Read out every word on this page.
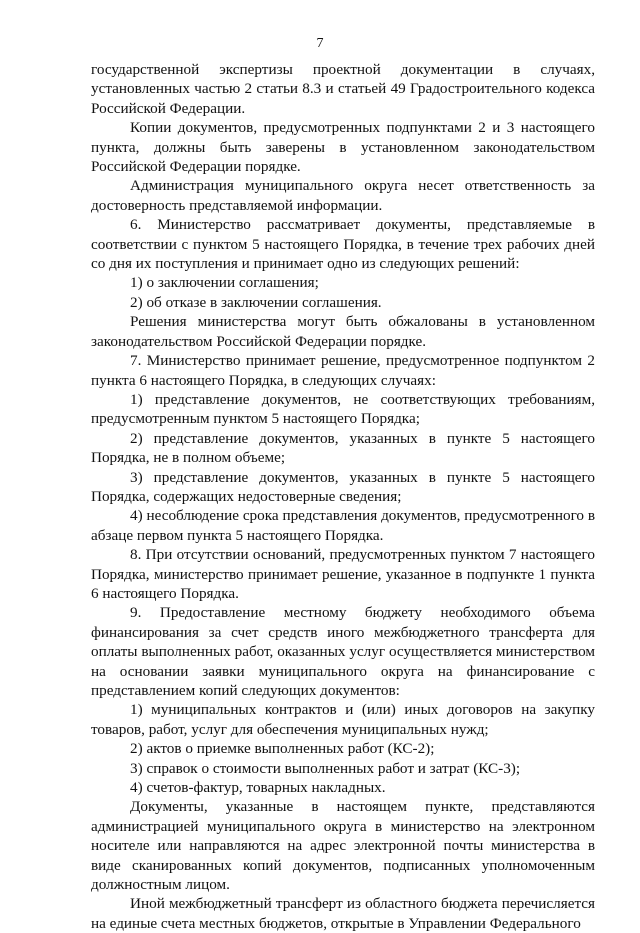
7

государственной экспертизы проектной документации в случаях, установленных частью 2 статьи 8.3 и статьей 49 Градостроительного кодекса Российской Федерации.

Копии документов, предусмотренных подпунктами 2 и 3 настоящего пункта, должны быть заверены в установленном законодательством Российской Федерации порядке.

Администрация муниципального округа несет ответственность за достоверность представляемой информации.

6. Министерство рассматривает документы, представляемые в соответствии с пунктом 5 настоящего Порядка, в течение трех рабочих дней со дня их поступления и принимает одно из следующих решений:

1) о заключении соглашения;

2) об отказе в заключении соглашения.

Решения министерства могут быть обжалованы в установленном законодательством Российской Федерации порядке.

7. Министерство принимает решение, предусмотренное подпунктом 2 пункта 6 настоящего Порядка, в следующих случаях:

1) представление документов, не соответствующих требованиям, предусмотренным пунктом 5 настоящего Порядка;

2) представление документов, указанных в пункте 5 настоящего Порядка, не в полном объеме;

3) представление документов, указанных в пункте 5 настоящего Порядка, содержащих недостоверные сведения;

4) несоблюдение срока представления документов, предусмотренного в абзаце первом пункта 5 настоящего Порядка.

8. При отсутствии оснований, предусмотренных пунктом 7 настоящего Порядка, министерство принимает решение, указанное в подпункте 1 пункта 6 настоящего Порядка.

9. Предоставление местному бюджету необходимого объема финансирования за счет средств иного межбюджетного трансферта для оплаты выполненных работ, оказанных услуг осуществляется министерством на основании заявки муниципального округа на финансирование с представлением копий следующих документов:

1) муниципальных контрактов и (или) иных договоров на закупку товаров, работ, услуг для обеспечения муниципальных нужд;

2) актов о приемке выполненных работ (КС-2);

3) справок о стоимости выполненных работ и затрат (КС-3);

4) счетов-фактур, товарных накладных.

Документы, указанные в настоящем пункте, представляются администрацией муниципального округа в министерство на электронном носителе или направляются на адрес электронной почты министерства в виде сканированных копий документов, подписанных уполномоченным должностным лицом.

Иной межбюджетный трансферт из областного бюджета перечисляется на единые счета местных бюджетов, открытые в Управлении Федерального
